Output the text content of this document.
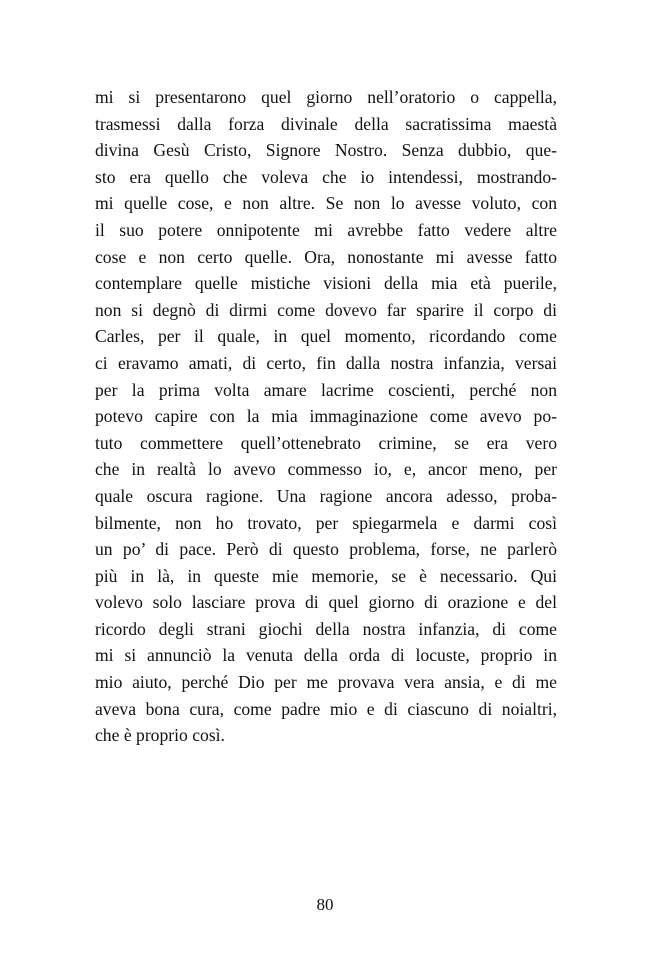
mi si presentarono quel giorno nell’oratorio o cappella,
trasmessi dalla forza divinale della sacratissima maestà
divina Gesù Cristo, Signore Nostro. Senza dubbio, que-
sto era quello che voleva che io intendessi, mostrando-
mi quelle cose, e non altre. Se non lo avesse voluto, con
il suo potere onnipotente mi avrebbe fatto vedere altre
cose e non certo quelle. Ora, nonostante mi avesse fatto
contemplare quelle mistiche visioni della mia età puerile,
non si degnò di dirmi come dovevo far sparire il corpo di
Carles, per il quale, in quel momento, ricordando come
ci eravamo amati, di certo, fin dalla nostra infanzia, versai
per la prima volta amare lacrime coscienti, perché non
potevo capire con la mia immaginazione come avevo po-
tuto commettere quell’ottenebrato crimine, se era vero
che in realtà lo avevo commesso io, e, ancor meno, per
quale oscura ragione. Una ragione ancora adesso, proba-
bilmente, non ho trovato, per spiegarmela e darmi così
un po’ di pace. Però di questo problema, forse, ne parlerò
più in là, in queste mie memorie, se è necessario. Qui
volevo solo lasciare prova di quel giorno di orazione e del
ricordo degli strani giochi della nostra infanzia, di come
mi si annunciò la venuta della orda di locuste, proprio in
mio aiuto, perché Dio per me provava vera ansia, e di me
aveva bona cura, come padre mio e di ciascuno di noialtri,
che è proprio così.
80
